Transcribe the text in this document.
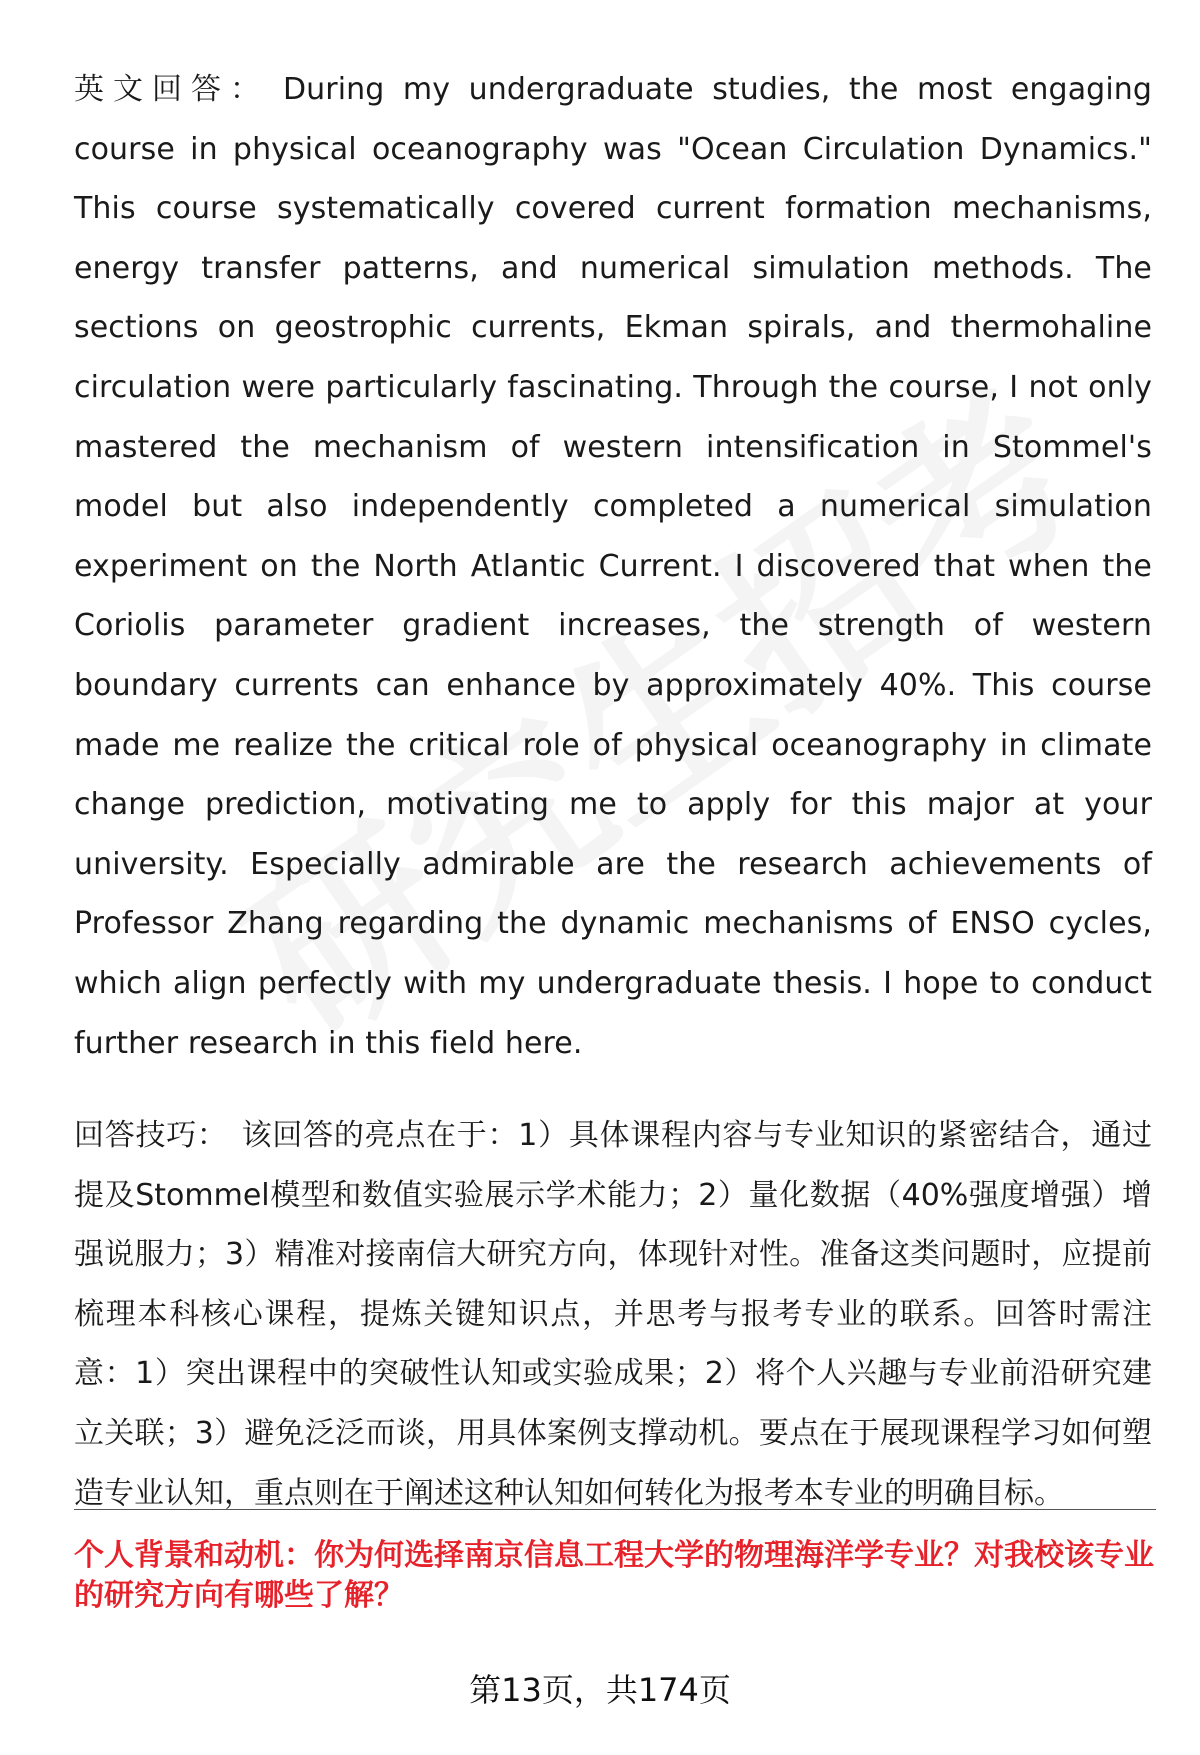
英文回答： During my undergraduate studies, the most engaging course in physical oceanography was "Ocean Circulation Dynamics." This course systematically covered current formation mechanisms, energy transfer patterns, and numerical simulation methods. The sections on geostrophic currents, Ekman spirals, and thermohaline circulation were particularly fascinating. Through the course, I not only mastered the mechanism of western intensification in Stommel's model but also independently completed a numerical simulation experiment on the North Atlantic Current. I discovered that when the Coriolis parameter gradient increases, the strength of western boundary currents can enhance by approximately 40%. This course made me realize the critical role of physical oceanography in climate change prediction, motivating me to apply for this major at your university. Especially admirable are the research achievements of Professor Zhang regarding the dynamic mechanisms of ENSO cycles, which align perfectly with my undergraduate thesis. I hope to conduct further research in this field here.

回答技巧： 该回答的亮点在于：1）具体课程内容与专业知识的紧密结合，通过提及Stommel模型和数值实验展示学术能力；2）量化数据（40%强度增强）增强说服力；3）精准对接南信大研究方向，体现针对性。准备这类问题时，应提前梳理本科核心课程，提炼关键知识点，并思考与报考专业的联系。回答时需注意：1）突出课程中的突破性认知或实验成果；2）将个人兴趣与专业前沿研究建立关联；3）避免泛泛而谈，用具体案例支撑动机。要点在于展现课程学习如何塑造专业认知，重点则在于阐述这种认知如何转化为报考本专业的明确目标。

个人背景和动机：你为何选择南京信息工程大学的物理海洋学专业？对我校该专业的研究方向有哪些了解？

第13页，共174页
